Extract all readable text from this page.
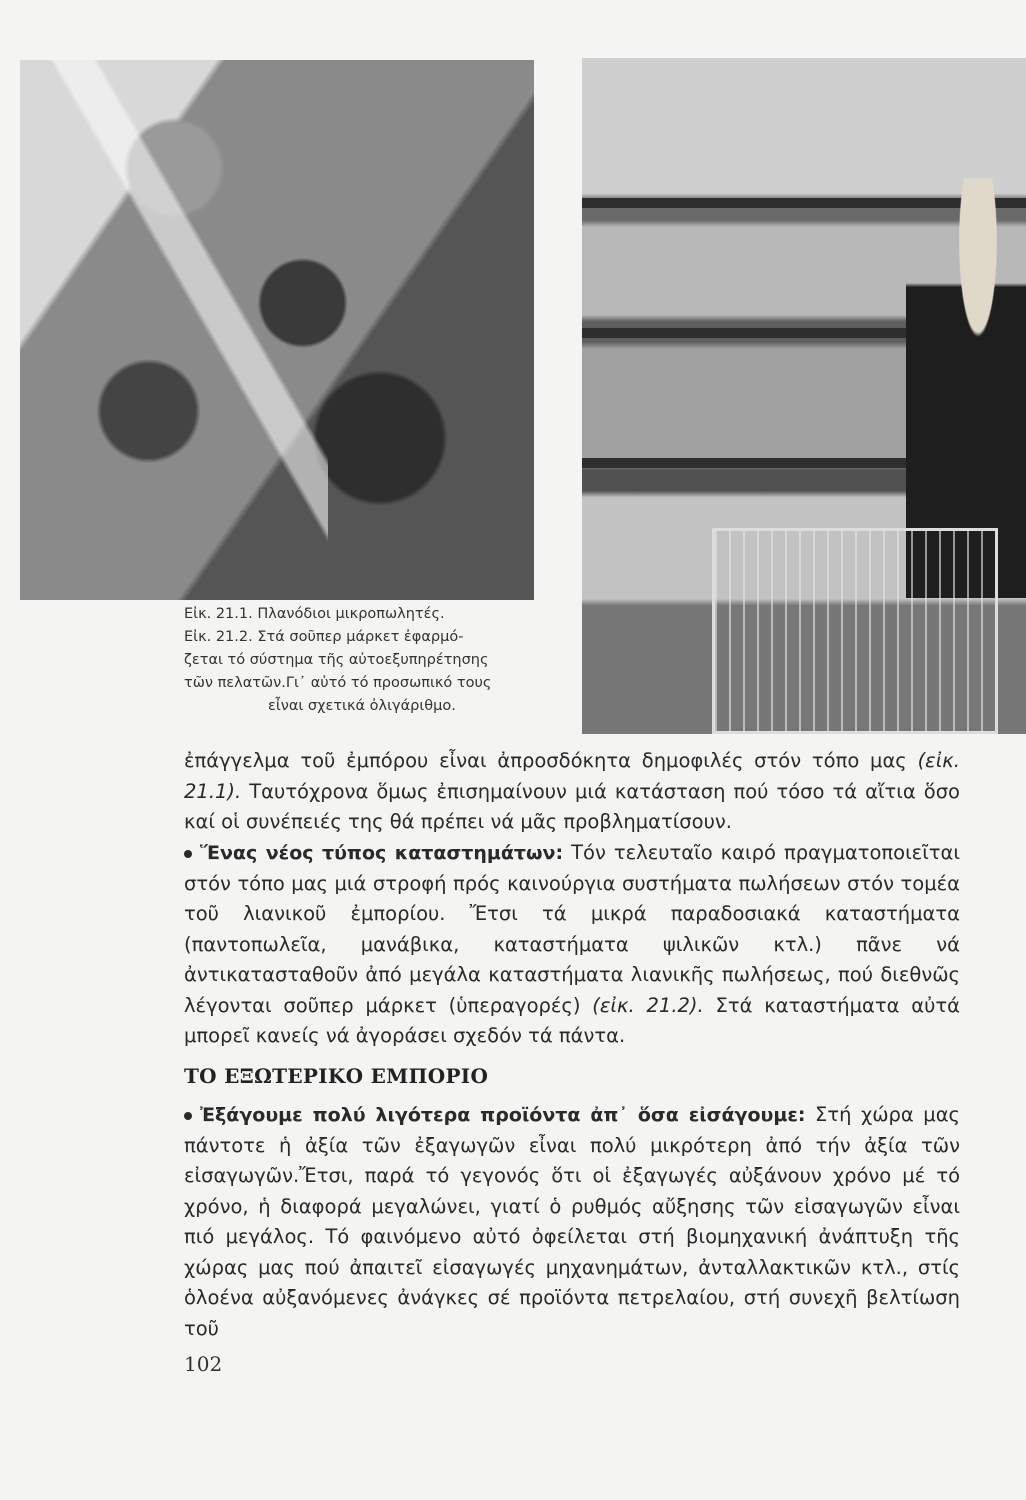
Εἰκ. 21.1. Πλανόδιοι μικροπωλητές.
Εἰκ. 21.2. Στά σοῦπερ μάρκετ ἐφαρμό-
ζεται τό σύστημα τῆς αὐτοεξυπηρέτησης
τῶν πελατῶν.Γι᾽ αὐτό τό προσωπικό τους
εἶναι σχετικά ὀλιγάριθμο.
ἐπάγγελμα τοῦ ἐμπόρου εἶναι ἀπροσδόκητα δημοφιλές στόν τόπο μας (εἰκ. 21.1). Ταυτόχρονα ὅμως ἐπισημαίνουν μιά κατάσταση πού τόσο τά αἴτια ὅσο καί οἱ συνέπειές της θά πρέπει νά μᾶς προβληματίσουν.
Ἕνας νέος τύπος καταστημάτων: Τόν τελευταῖο καιρό πραγματοποιεῖται στόν τόπο μας μιά στροφή πρός καινούργια συστήματα πωλήσεων στόν τομέα τοῦ λιανικοῦ ἐμπορίου. Ἔτσι τά μικρά παραδοσιακά καταστήματα (παντοπωλεῖα, μανάβικα, καταστήματα ψιλικῶν κτλ.) πᾶνε νά ἀντικατασταθοῦν ἀπό μεγάλα καταστήματα λιανικῆς πωλήσεως, πού διεθνῶς λέγονται σοῦπερ μάρκετ (ὑπεραγορές) (εἰκ. 21.2). Στά καταστήματα αὐτά μπορεῖ κανείς νά ἀγοράσει σχεδόν τά πάντα.
ΤΟ ΕΞΩΤΕΡΙΚΟ ΕΜΠΟΡΙΟ
Ἐξάγουμε πολύ λιγότερα προϊόντα ἀπ᾽ ὅσα εἰσάγουμε: Στή χώρα μας πάντοτε ἡ ἀξία τῶν ἐξαγωγῶν εἶναι πολύ μικρότερη ἀπό τήν ἀξία τῶν εἰσαγωγῶν.Ἔτσι, παρά τό γεγονός ὅτι οἱ ἐξαγωγές αὐξάνουν χρόνο μέ τό χρόνο, ἡ διαφορά μεγαλώνει, γιατί ὁ ρυθμός αὔξησης τῶν εἰσαγωγῶν εἶναι πιό μεγάλος. Τό φαινόμενο αὐτό ὀφείλεται στή βιομηχανική ἀνάπτυξη τῆς χώρας μας πού ἀπαιτεῖ εἰσαγωγές μηχανημάτων, ἀνταλλακτικῶν κτλ., στίς ὁλοένα αὐξανόμενες ἀνάγκες σέ προϊόντα πετρελαίου, στή συνεχῆ βελτίωση τοῦ
102
